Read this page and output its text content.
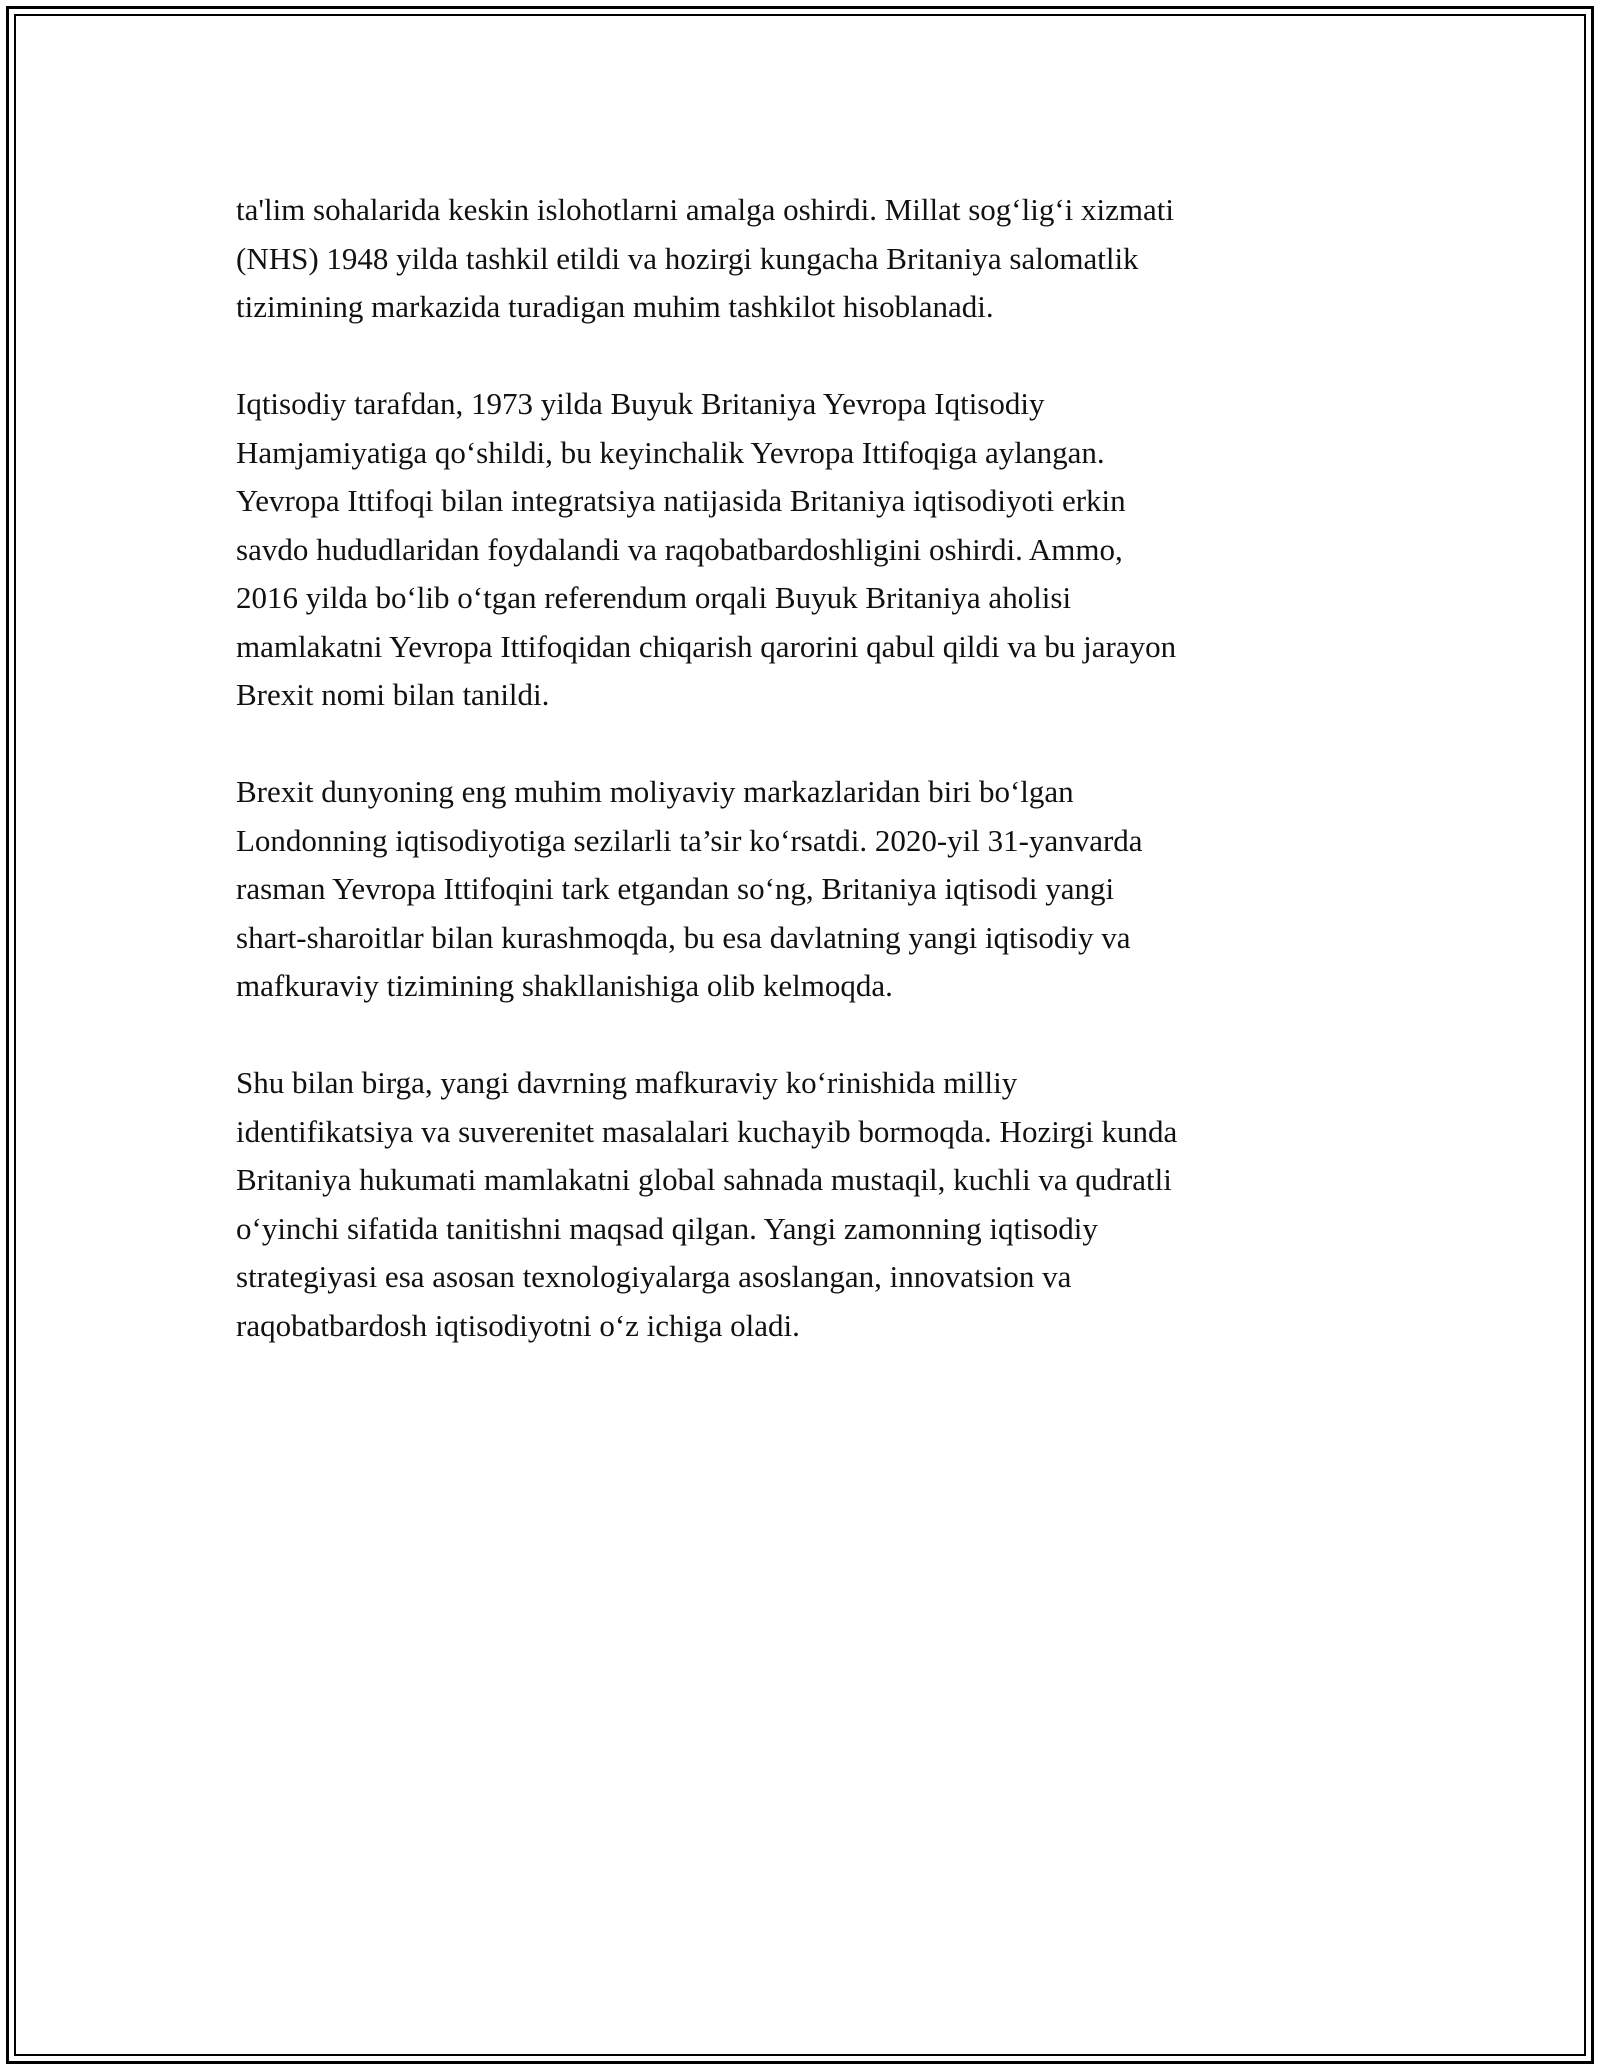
ta'lim sohalarida keskin islohotlarni amalga oshirdi. Millat sog‘lig‘i xizmati
(NHS) 1948 yilda tashkil etildi va hozirgi kungacha Britaniya salomatlik
tizimining markazida turadigan muhim tashkilot hisoblanadi.

Iqtisodiy tarafdan, 1973 yilda Buyuk Britaniya Yevropa Iqtisodiy
Hamjamiyatiga qo‘shildi, bu keyinchalik Yevropa Ittifoqiga aylangan.
Yevropa Ittifoqi bilan integratsiya natijasida Britaniya iqtisodiyoti erkin
savdo hududlaridan foydalandi va raqobatbardoshligini oshirdi. Ammo,
2016 yilda bo‘lib o‘tgan referendum orqali Buyuk Britaniya aholisi
mamlakatni Yevropa Ittifoqidan chiqarish qarorini qabul qildi va bu jarayon
Brexit nomi bilan tanildi.

Brexit dunyoning eng muhim moliyaviy markazlaridan biri bo‘lgan
Londonning iqtisodiyotiga sezilarli ta’sir ko‘rsatdi. 2020-yil 31-yanvarda
rasman Yevropa Ittifoqini tark etgandan so‘ng, Britaniya iqtisodi yangi
shart-sharoitlar bilan kurashmoqda, bu esa davlatning yangi iqtisodiy va
mafkuraviy tizimining shakllanishiga olib kelmoqda.

Shu bilan birga, yangi davrning mafkuraviy ko‘rinishida milliy
identifikatsiya va suverenitet masalalari kuchayib bormoqda. Hozirgi kunda
Britaniya hukumati mamlakatni global sahnada mustaqil, kuchli va qudratli
o‘yinchi sifatida tanitishni maqsad qilgan. Yangi zamonning iqtisodiy
strategiyasi esa asosan texnologiyalarga asoslangan, innovatsion va
raqobatbardosh iqtisodiyotni o‘z ichiga oladi.
